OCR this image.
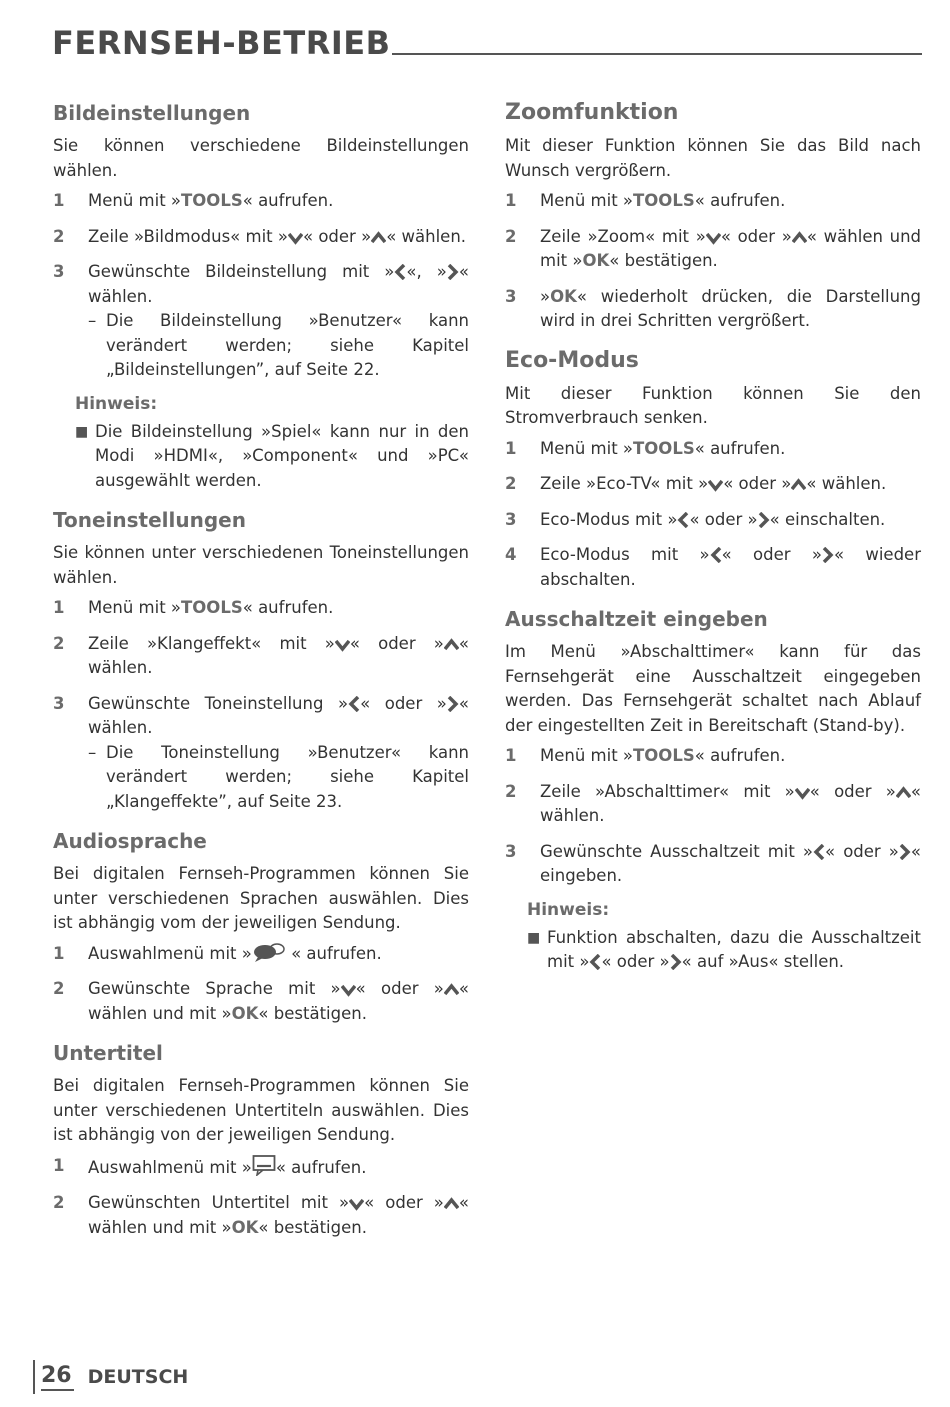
FERNSEH-BETRIEB
Bildeinstellungen

Sie können verschiedene Bildeinstellungen wählen.

1	Menü mit »TOOLS« aufrufen.
2	Zeile »Bildmodus« mit » « oder » « wählen.
3	Gewünschte Bildeinstellung mit » «, » « wählen.
– Die Bildeinstellung »Benutzer« kann verändert werden; siehe Kapitel „Bildeinstellungen”, auf Seite 22.
Hinweis:
■ Die Bildeinstellung »Spiel« kann nur in den Modi »HDMI«, »Component« und »PC« ausgewählt werden.
Toneinstellungen

Sie können unter verschiedenen Toneinstellungen wählen.

1	Menü mit »TOOLS« aufrufen.
2	Zeile »Klangeffekt« mit » « oder » « wählen.
3	Gewünschte Toneinstellung » « oder » « wählen.
– Die Toneinstellung »Benutzer« kann verändert werden; siehe Kapitel „Klangeffekte”, auf Seite 23.
Audiosprache

Bei digitalen Fernseh-Programmen können Sie unter verschiedenen Sprachen auswählen. Dies ist abhängig vom der jeweiligen Sendung.

1	Auswahlmenü mit » « aufrufen.
2	Gewünschte Sprache mit » « oder » « wählen und mit »OK« bestätigen.
Untertitel

Bei digitalen Fernseh-Programmen können Sie unter verschiedenen Untertiteln auswählen. Dies ist abhängig von der jeweiligen Sendung.

1	Auswahlmenü mit » « aufrufen.
2	Gewünschten Untertitel mit » « oder » « wählen und mit »OK« bestätigen.
Zoomfunktion

Mit dieser Funktion können Sie das Bild nach Wunsch vergrößern.

1	Menü mit »TOOLS« aufrufen.
2	Zeile »Zoom« mit » « oder » « wählen und mit »OK« bestätigen.
3	»OK« wiederholt drücken, die Darstellung wird in drei Schritten vergrößert.
Eco-Modus

Mit dieser Funktion können Sie den Stromverbrauch senken.

1	Menü mit »TOOLS« aufrufen.
2	Zeile »Eco-TV« mit » « oder » « wählen.
3	Eco-Modus mit » « oder » « einschalten.
4	Eco-Modus mit » « oder » « wieder abschalten.
Ausschaltzeit eingeben

Im Menü »Abschalttimer« kann für das Fernsehgerät eine Ausschaltzeit eingegeben werden. Das Fernsehgerät schaltet nach Ablauf der eingestellten Zeit in Bereitschaft (Stand-by).

1	Menü mit »TOOLS« aufrufen.
2	Zeile »Abschalttimer« mit » « oder » « wählen.
3	Gewünschte Ausschaltzeit mit » « oder » « eingeben.
Hinweis:
■ Funktion abschalten, dazu die Ausschaltzeit mit » « oder » « auf »Aus« stellen.
26 DEUTSCH
